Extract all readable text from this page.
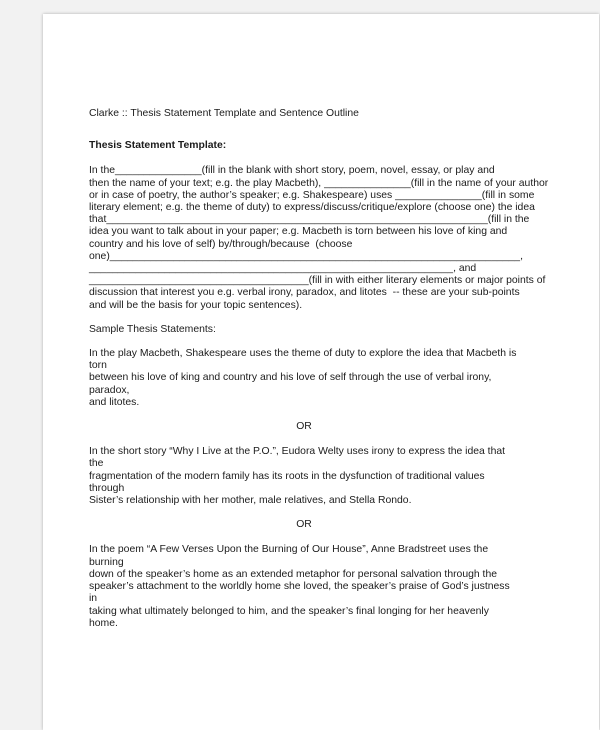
Clarke :: Thesis Statement Template and Sentence Outline

Thesis Statement Template:

In the_______________(fill in the blank with short story, poem, novel, essay, or play and
then the name of your text; e.g. the play Macbeth), _______________(fill in the name of your author
or in case of poetry, the author’s speaker; e.g. Shakespeare) uses _______________(fill in some
literary element; e.g. the theme of duty) to express/discuss/critique/explore (choose one) the idea
that__________________________________________________________________(fill in the
idea you want to talk about in your paper; e.g. Macbeth is torn between his love of king and
country and his love of self) by/through/because  (choose
one)_______________________________________________________________________,
_______________________________________________________________, and
______________________________________(fill in with either literary elements or major points of
discussion that interest you e.g. verbal irony, paradox, and litotes  -- these are your sub-points
and will be the basis for your topic sentences).

Sample Thesis Statements:

In the play Macbeth, Shakespeare uses the theme of duty to explore the idea that Macbeth is torn
between his love of king and country and his love of self through the use of verbal irony, paradox,
and litotes.
OR
In the short story “Why I Live at the P.O.”, Eudora Welty uses irony to express the idea that the
fragmentation of the modern family has its roots in the dysfunction of traditional values through
Sister’s relationship with her mother, male relatives, and Stella Rondo.
OR
In the poem “A Few Verses Upon the Burning of Our House”, Anne Bradstreet uses the burning
down of the speaker’s home as an extended metaphor for personal salvation through the
speaker’s attachment to the worldly home she loved, the speaker’s praise of God’s justness in
taking what ultimately belonged to him, and the speaker’s final longing for her heavenly home.
